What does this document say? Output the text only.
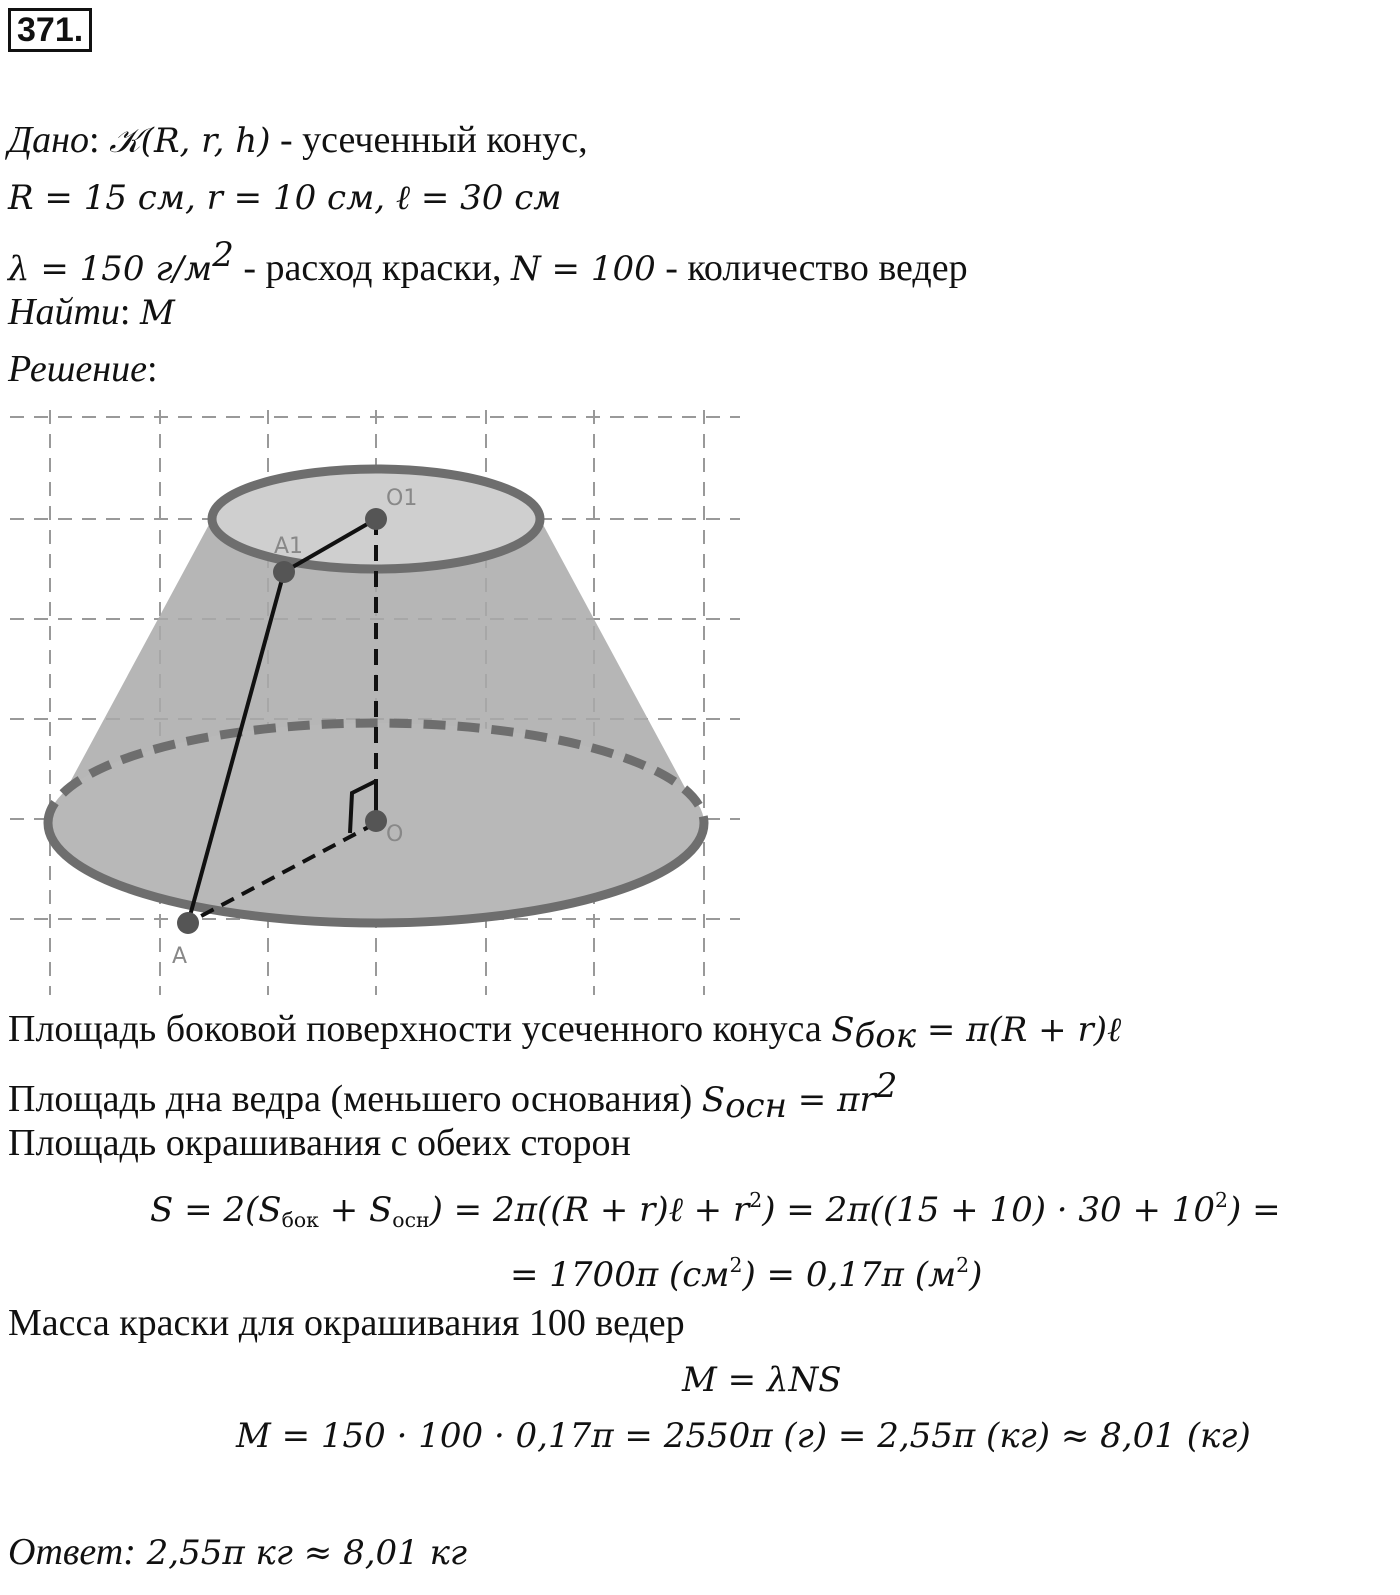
371.
Дано: 𝒦(R, r, h) - усеченный конус,
R = 15 см, r = 10 см, ℓ = 30 см
λ = 150 $г/м^2$ - расход краски, N = 100 - количество ведер
Найти: M
Решение:
O1
A1
O
A
Площадь боковой поверхности усеченного конуса $S_{бок} = \pi(R$ + r)ℓ
Площадь дна ведра (меньшего основания) $S_{осн} = \pi r^2$
Площадь окрашивания с обеих сторон
$S = 2(S_{бок} + S_{осн}) = 2\pi((R$ + r)ℓ + $r^2) = 2\pi((15 + 10) \cdot 30 + 10^2)$ =
= 1700π $(см^2) = 0,17\pi$ $(м^2)$
Масса краски для окрашивания 100 ведер
M = λNS
M = 150 · 100 · 0,17π = 2550π (г) = 2,55π (кг) ≈ 8,01 (кг)
Ответ: 2,55π кг ≈ 8,01 кг
